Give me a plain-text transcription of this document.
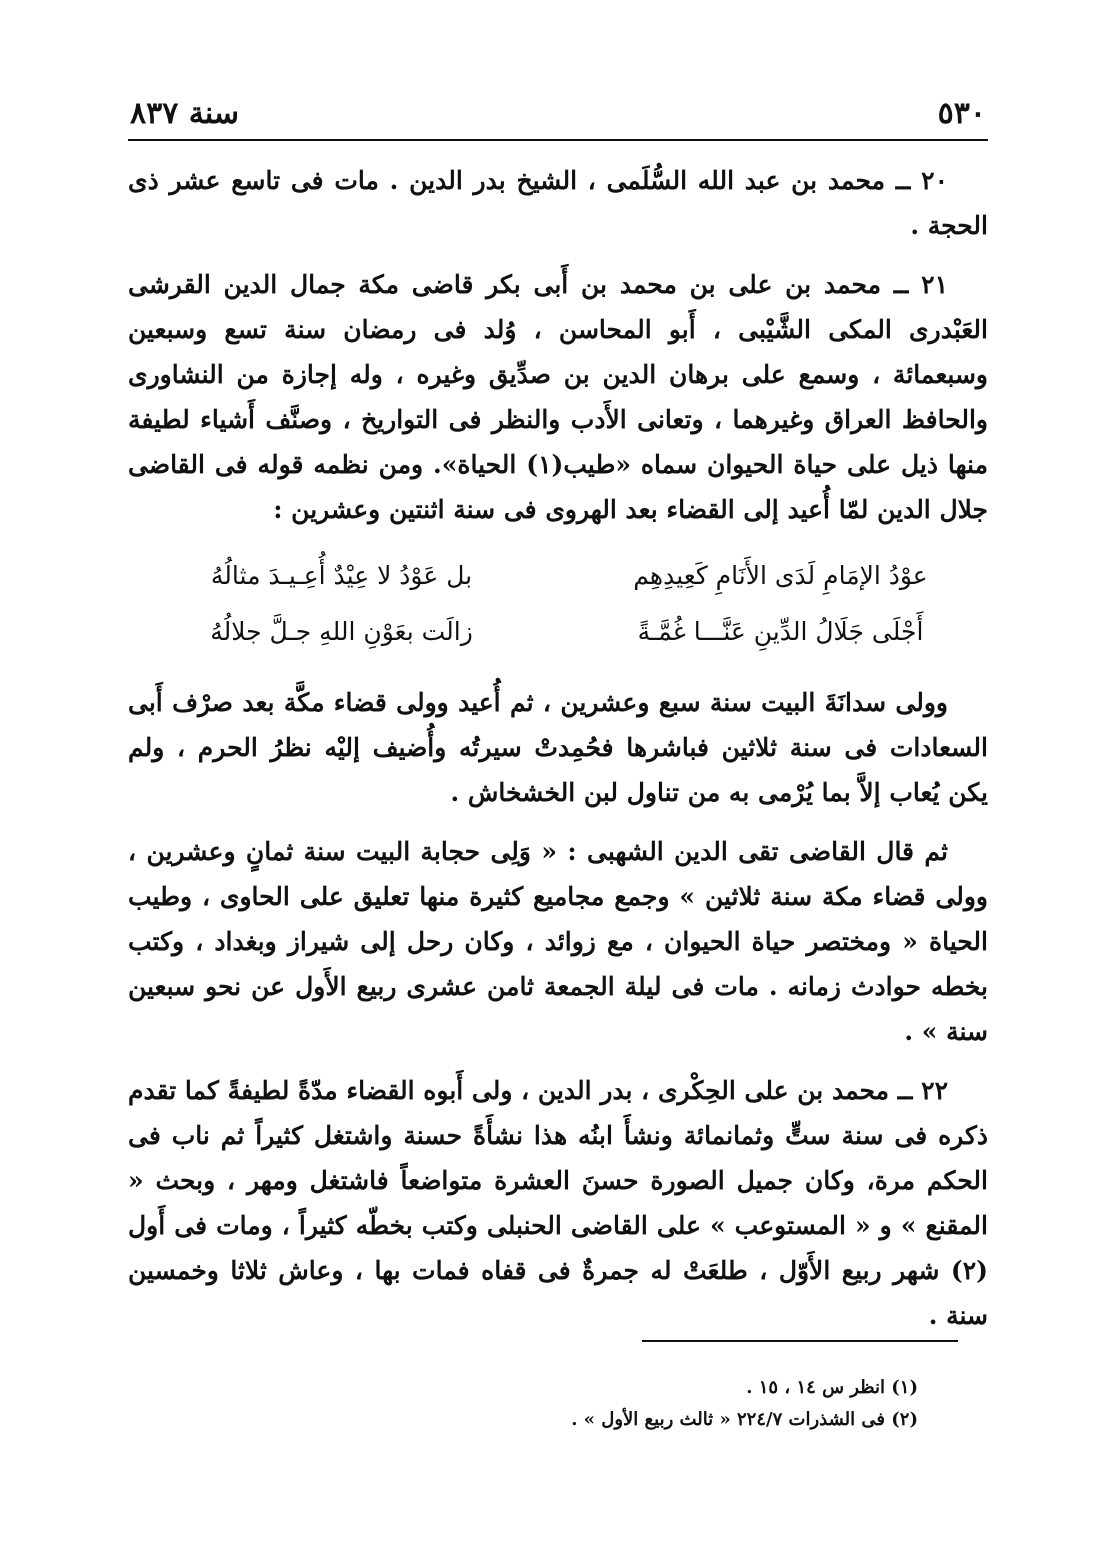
٥٣٠
سنة ٨٣٧

٢٠ ــ محمد بن عبد الله السُّلَمى ، الشيخ بدر الدين . مات فى تاسع عشر ذى الحجة .

٢١ ــ محمد بن على بن محمد بن أَبى بكر قاضى مكة جمال الدين القرشى العَبْدرى المكى الشَّيْبى ، أَبو المحاسن ، وُلد فى رمضان سنة تسع وسبعين وسبعمائة ، وسمع على برهان الدين بن صدِّيق وغيره ، وله إجازة من النشاورى والحافظ العراق وغيرهما ، وتعانى الأَدب والنظر فى التواريخ ، وصنَّف أَشياء لطيفة منها ذيل على حياة الحيوان سماه «طيب(١) الحياة». ومن نظمه قوله فى القاضى جلال الدين لمّا أُعيد إلى القضاء بعد الهروى فى سنة اثنتين وعشرين :

عوْدُ الإمَامِ لَدَى الأَنَامِ كَعِيدِهِمبل عَوْدُ لا عِيْدٌ أُعِـيـدَ مثالُهُ
أَجْلَى جَلَالُ الدِّينِ عَنَّـــا غُمَّـةًزالَت بعَوْنِ اللهِ جـلَّ جلالُهُ

وولى سدانَةَ البيت سنة سبع وعشرين ، ثم أُعيد وولى قضاء مكَّة بعد صرْف أَبى السعادات فى سنة ثلاثين فباشرها فحُمِدتْ سيرتُه وأُضيف إليْه نظرُ الحرم ، ولم يكن يُعاب إلاَّ بما يُرْمى به من تناول لبن الخشخاش .

ثم قال القاضى تقى الدين الشهبى : « وَلِى حجابة البيت سنة ثمانٍ وعشرين ، وولى قضاء مكة سنة ثلاثين » وجمع مجاميع كثيرة منها تعليق على الحاوى ، وطيب الحياة « ومختصر حياة الحيوان ، مع زوائد ، وكان رحل إلى شيراز وبغداد ، وكتب بخطه حوادث زمانه . مات فى ليلة الجمعة ثامن عشرى ربيع الأَول عن نحو سبعين سنة » .

٢٢ ــ محمد بن على الحِكْرى ، بدر الدين ، ولى أَبوه القضاء مدّةً لطيفةً كما تقدم ذكره فى سنة ستٍّ وثمانمائة ونشأَ ابنُه هذا نشأَةً حسنة واشتغل كثيراً ثم ناب فى الحكم مرة، وكان جميل الصورة حسنَ العشرة متواضعاً فاشتغل ومهر ، وبحث « المقنع » و « المستوعب » على القاضى الحنبلى وكتب بخطّه كثيراً ، ومات فى أَول (٢) شهر ربيع الأَوّل ، طلعَتْ له جمرةٌ فى قفاه فمات بها ، وعاش ثلاثا وخمسين سنة .

(١) انظر س ١٤ ، ١٥ .

(٢) فى الشذرات ٢٢٤/٧ « ثالث ربيع الأول » .
